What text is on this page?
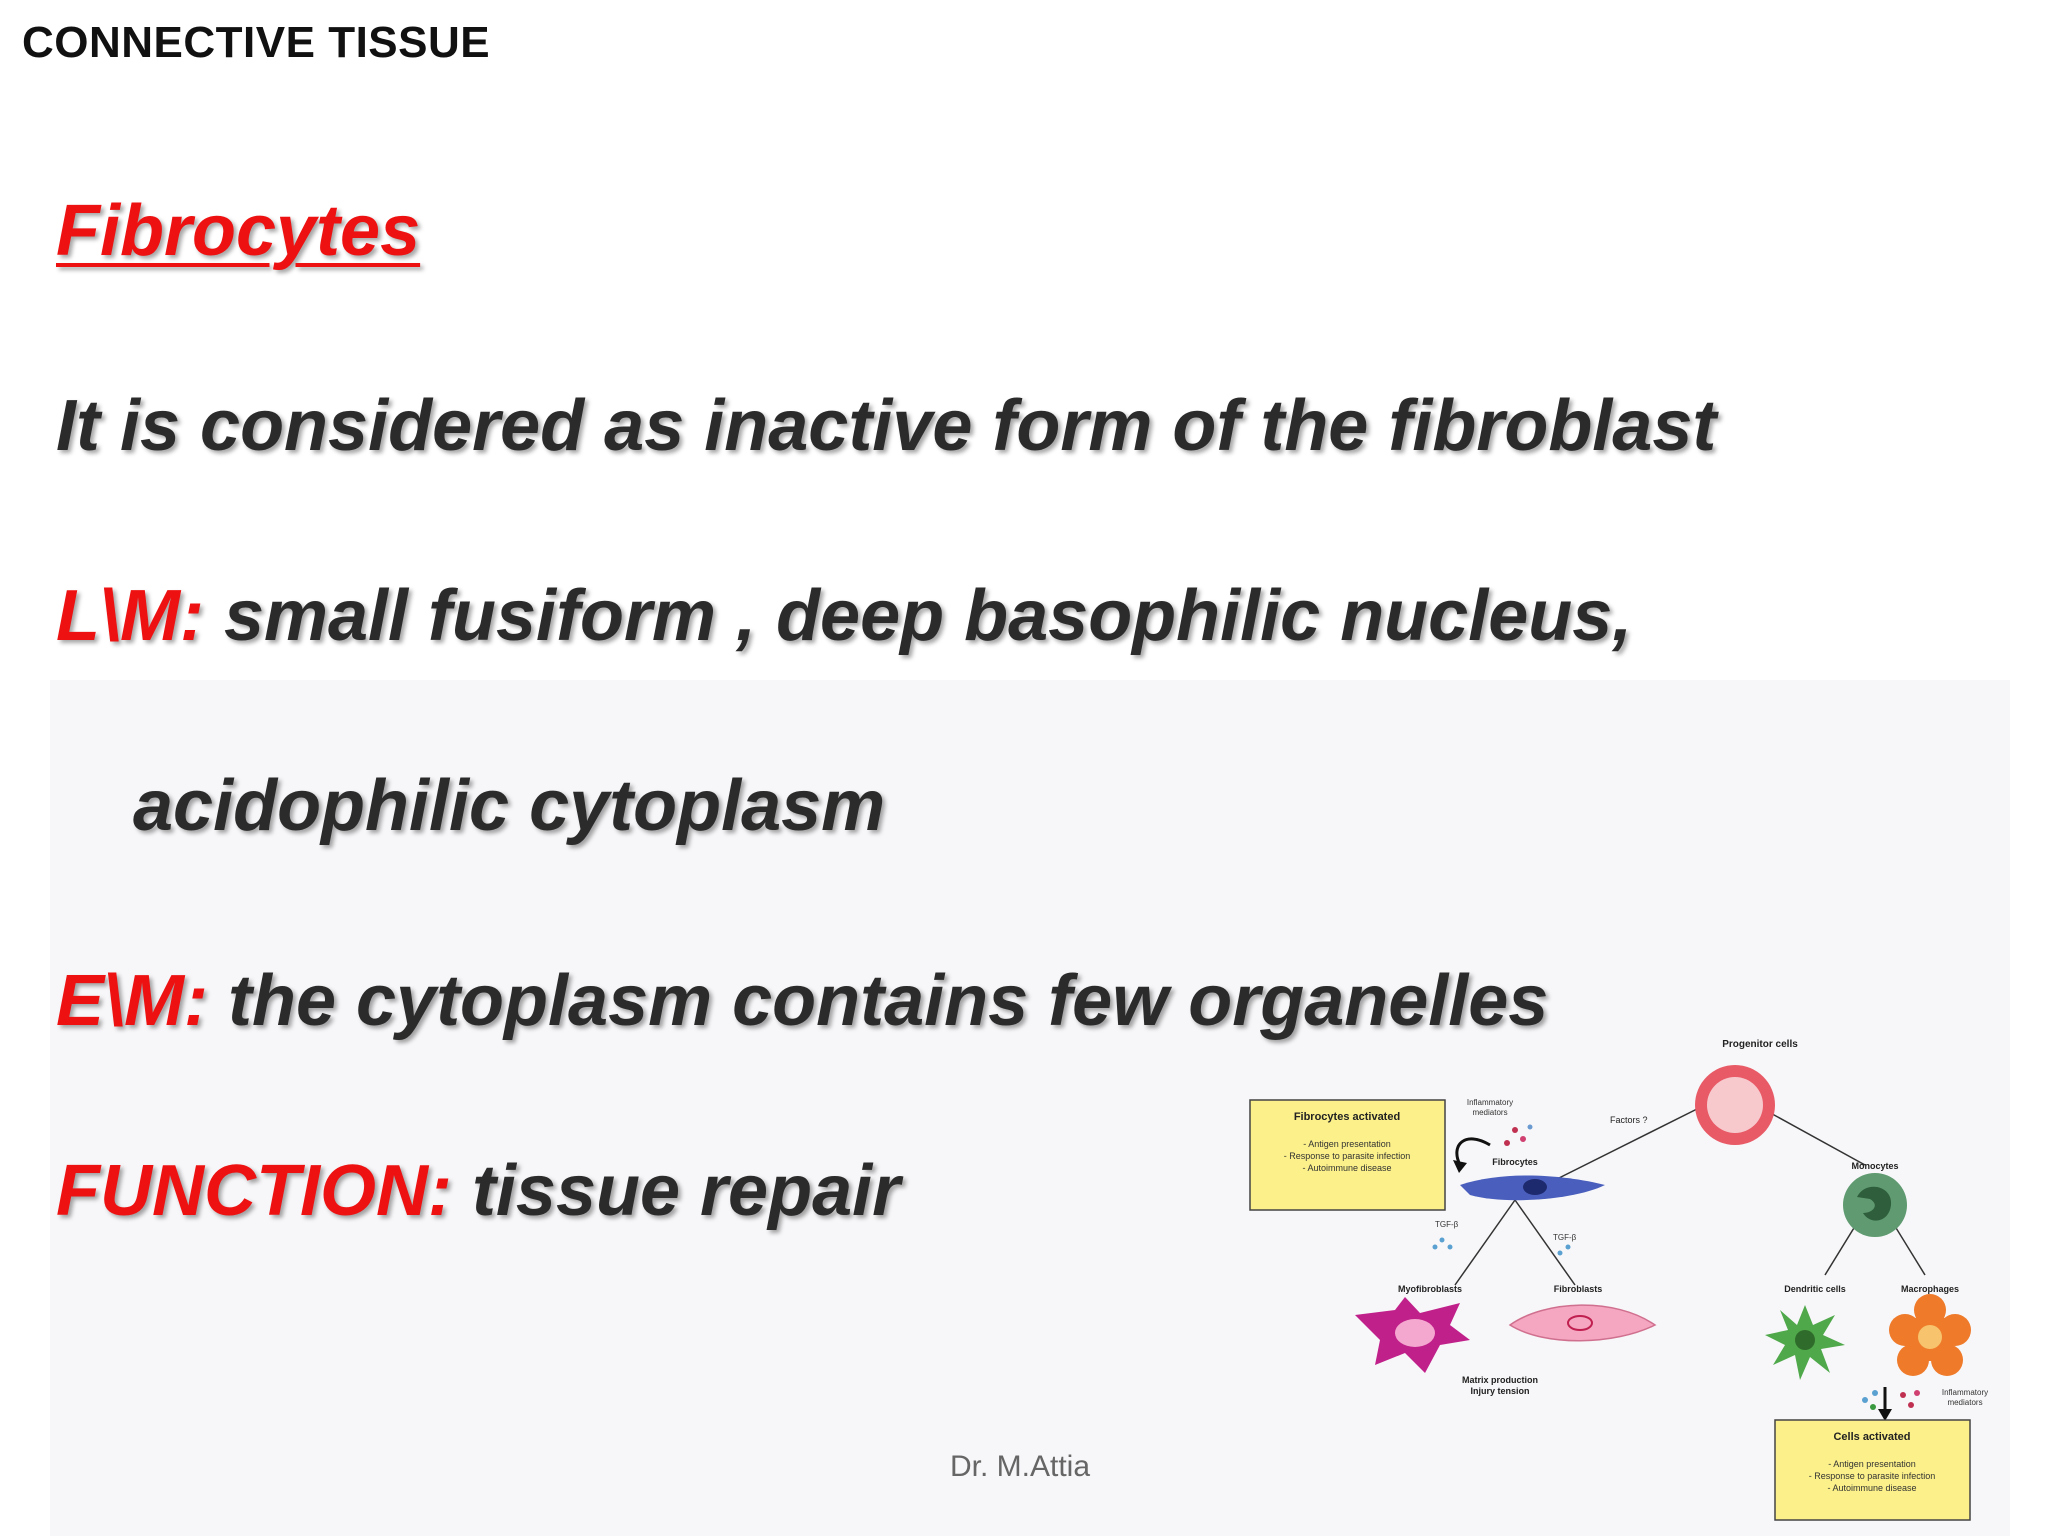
CONNECTIVE TISSUE
Fibrocytes
It is considered as inactive form of the fibroblast
L\M: small fusiform , deep basophilic nucleus,
acidophilic cytoplasm
E\M: the cytoplasm contains few organelles
FUNCTION: tissue repair
Dr. M.Attia
Progenitor cells
Factors ?
Inflammatory
mediators
Fibrocytes activated
- Antigen presentation
- Response to parasite infection
- Autoimmune disease
Fibrocytes
TGF-β
TGF-β
Myofibroblasts	Fibroblasts
Matrix production
Injury tension
Monocytes
Dendritic cells	Macrophages
Inflammatory
mediators
Cells activated
- Antigen presentation
- Response to parasite infection
- Autoimmune disease
